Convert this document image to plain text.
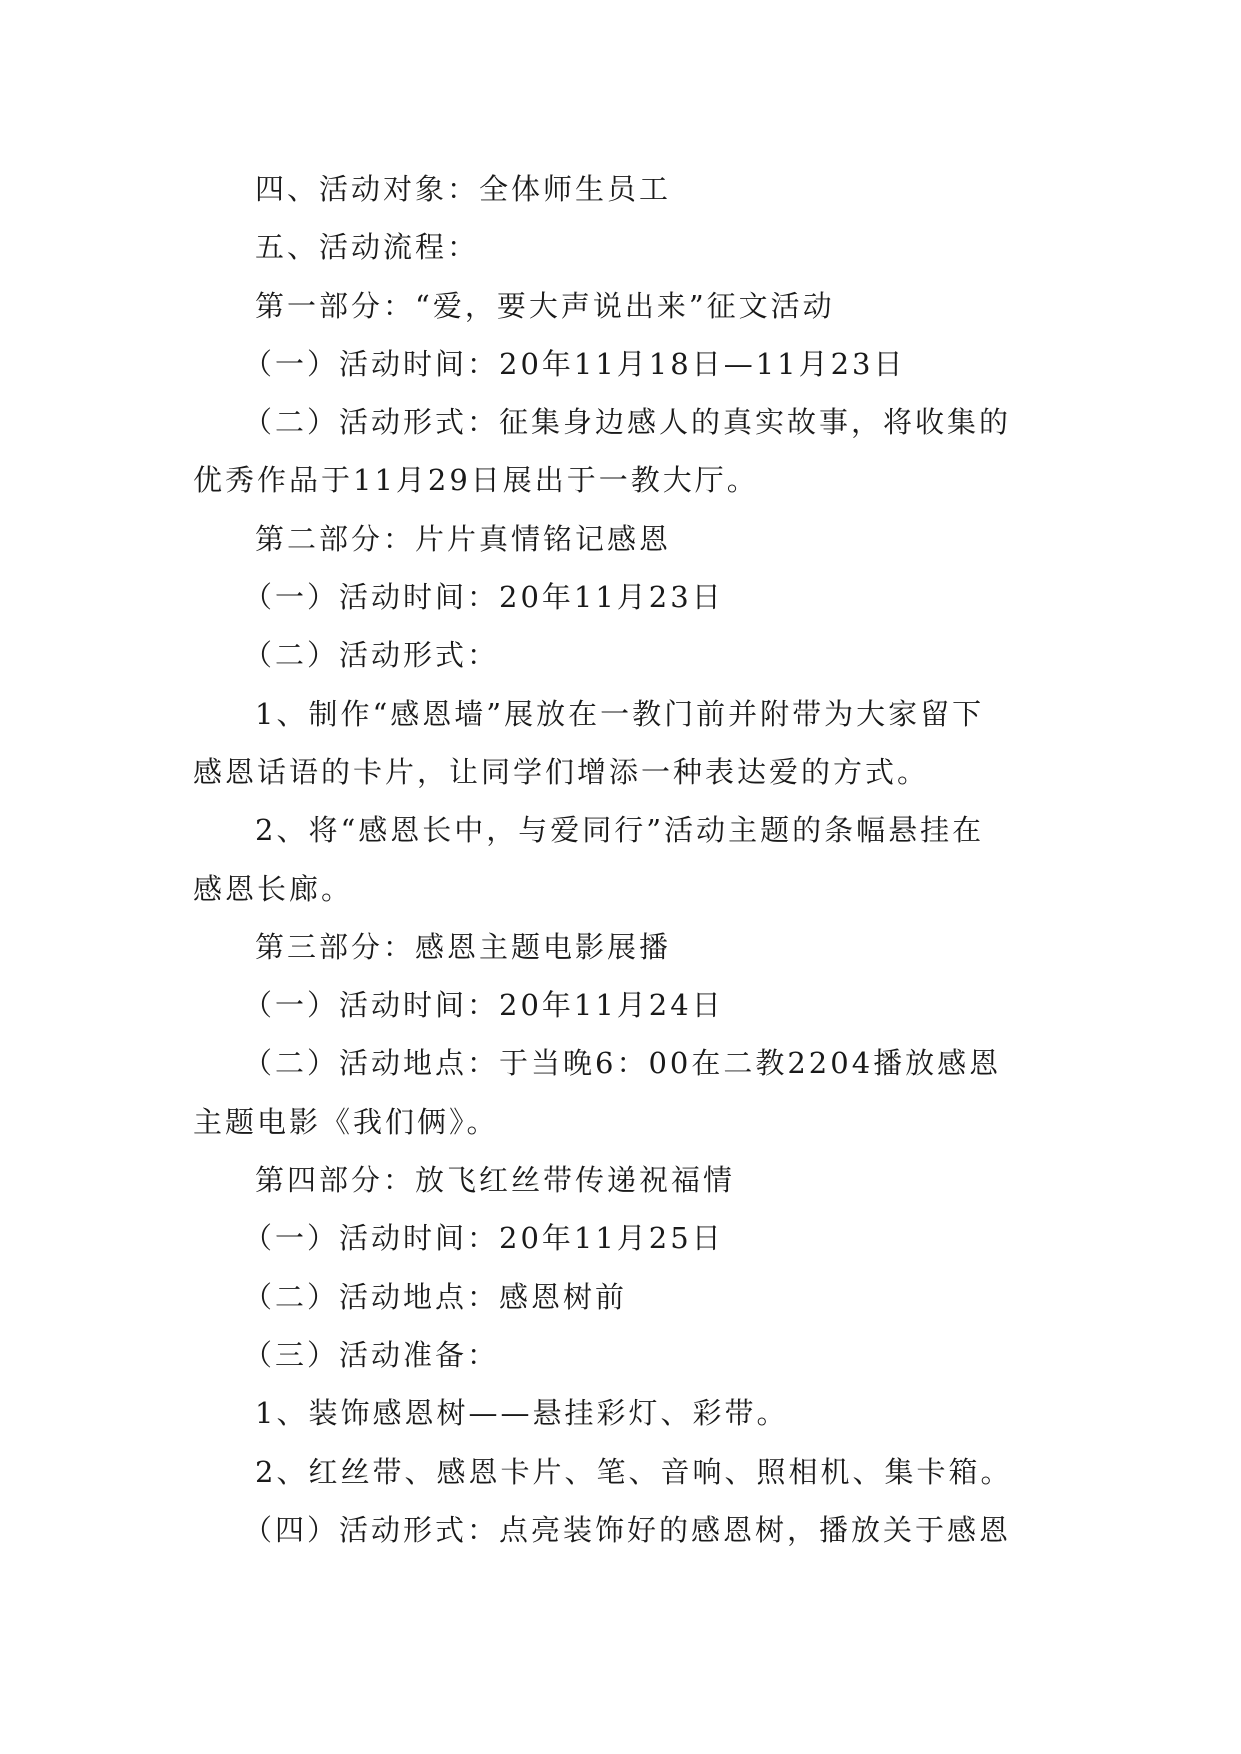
四、活动对象：全体师生员工
五、活动流程：
第一部分：“爱，要大声说出来”征文活动
（一）活动时间：20年11月18日—11月23日
（二）活动形式：征集身边感人的真实故事，将收集的
优秀作品于11月29日展出于一教大厅。
第二部分：片片真情铭记感恩
（一）活动时间：20年11月23日
（二）活动形式：
1、制作“感恩墙”展放在一教门前并附带为大家留下
感恩话语的卡片，让同学们增添一种表达爱的方式。
2、将“感恩长中，与爱同行”活动主题的条幅悬挂在
感恩长廊。
第三部分：感恩主题电影展播
（一）活动时间：20年11月24日
（二）活动地点：于当晚6：00在二教2204播放感恩
主题电影《我们俩》。
第四部分：放飞红丝带传递祝福情
（一）活动时间：20年11月25日
（二）活动地点：感恩树前
（三）活动准备：
1、装饰感恩树——悬挂彩灯、彩带。
2、红丝带、感恩卡片、笔、音响、照相机、集卡箱。
（四）活动形式：点亮装饰好的感恩树，播放关于感恩
